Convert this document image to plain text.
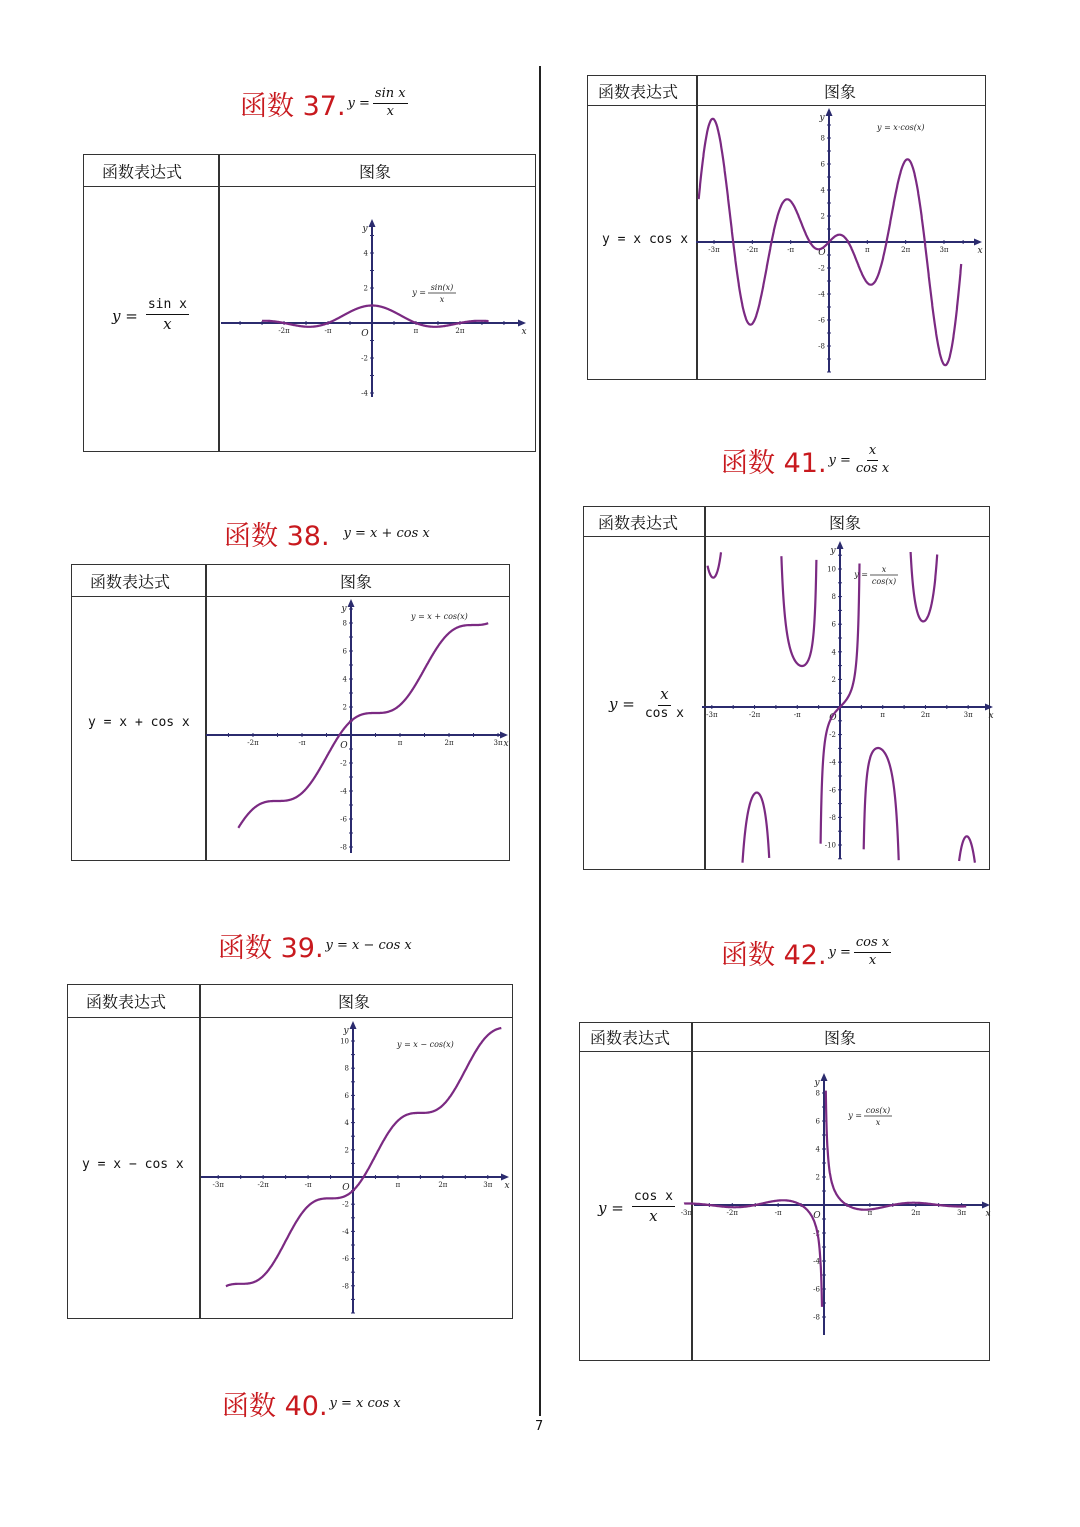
函数 37. $y = \frac{\text{sin x}}{x}$
函数 38. y = x + cos x
函数 39. y = x − cos x
函数 40. y = x cos x
函数 41. $y = \frac{x}{\text{cos x}}$
函数 42. $y = \frac{\text{cos x}}{x}$
函数表达式	图象
$y = \frac{\text{sin x}}{x}$	-2π	-π	π	2π
4
2
-2
-4
O	x
y
y =
sin(x)
x
函数表达式	图象
y = x + cos x
-2π	-π	π	2π	3π
8
6
4
2
-2
-4
-6
-8
O	x
y
y = x + cos(x)
函数表达式	图象
y = x − cos x
-3π	-2π	-π	π	2π	3π
10
8
6
4
2
-2
-4
-6
-8
O	x
y
y = x − cos(x)
函数表达式	图象
y = x cos x
-3π	-2π	-π	π	2π	3π
8
6
4
2
-2
-4
-6
-8
O	x
y
y = x·cos(x)
函数表达式	图象
$y = \frac{x}{\text{cos x}}$	-3π	-2π	-π	π	2π	3π
10
8
6
4
2
-2
-4
-6
-8
-10
O	x
y
y =
x
cos(x)
函数表达式	图象
$y = \frac{\text{cos x}}{x} -3\pi$	-2π	-π	π	2π	3π
8
6
4
2
-2
-4
-6
-8
O	x
y
y =
cos(x)
x
7
